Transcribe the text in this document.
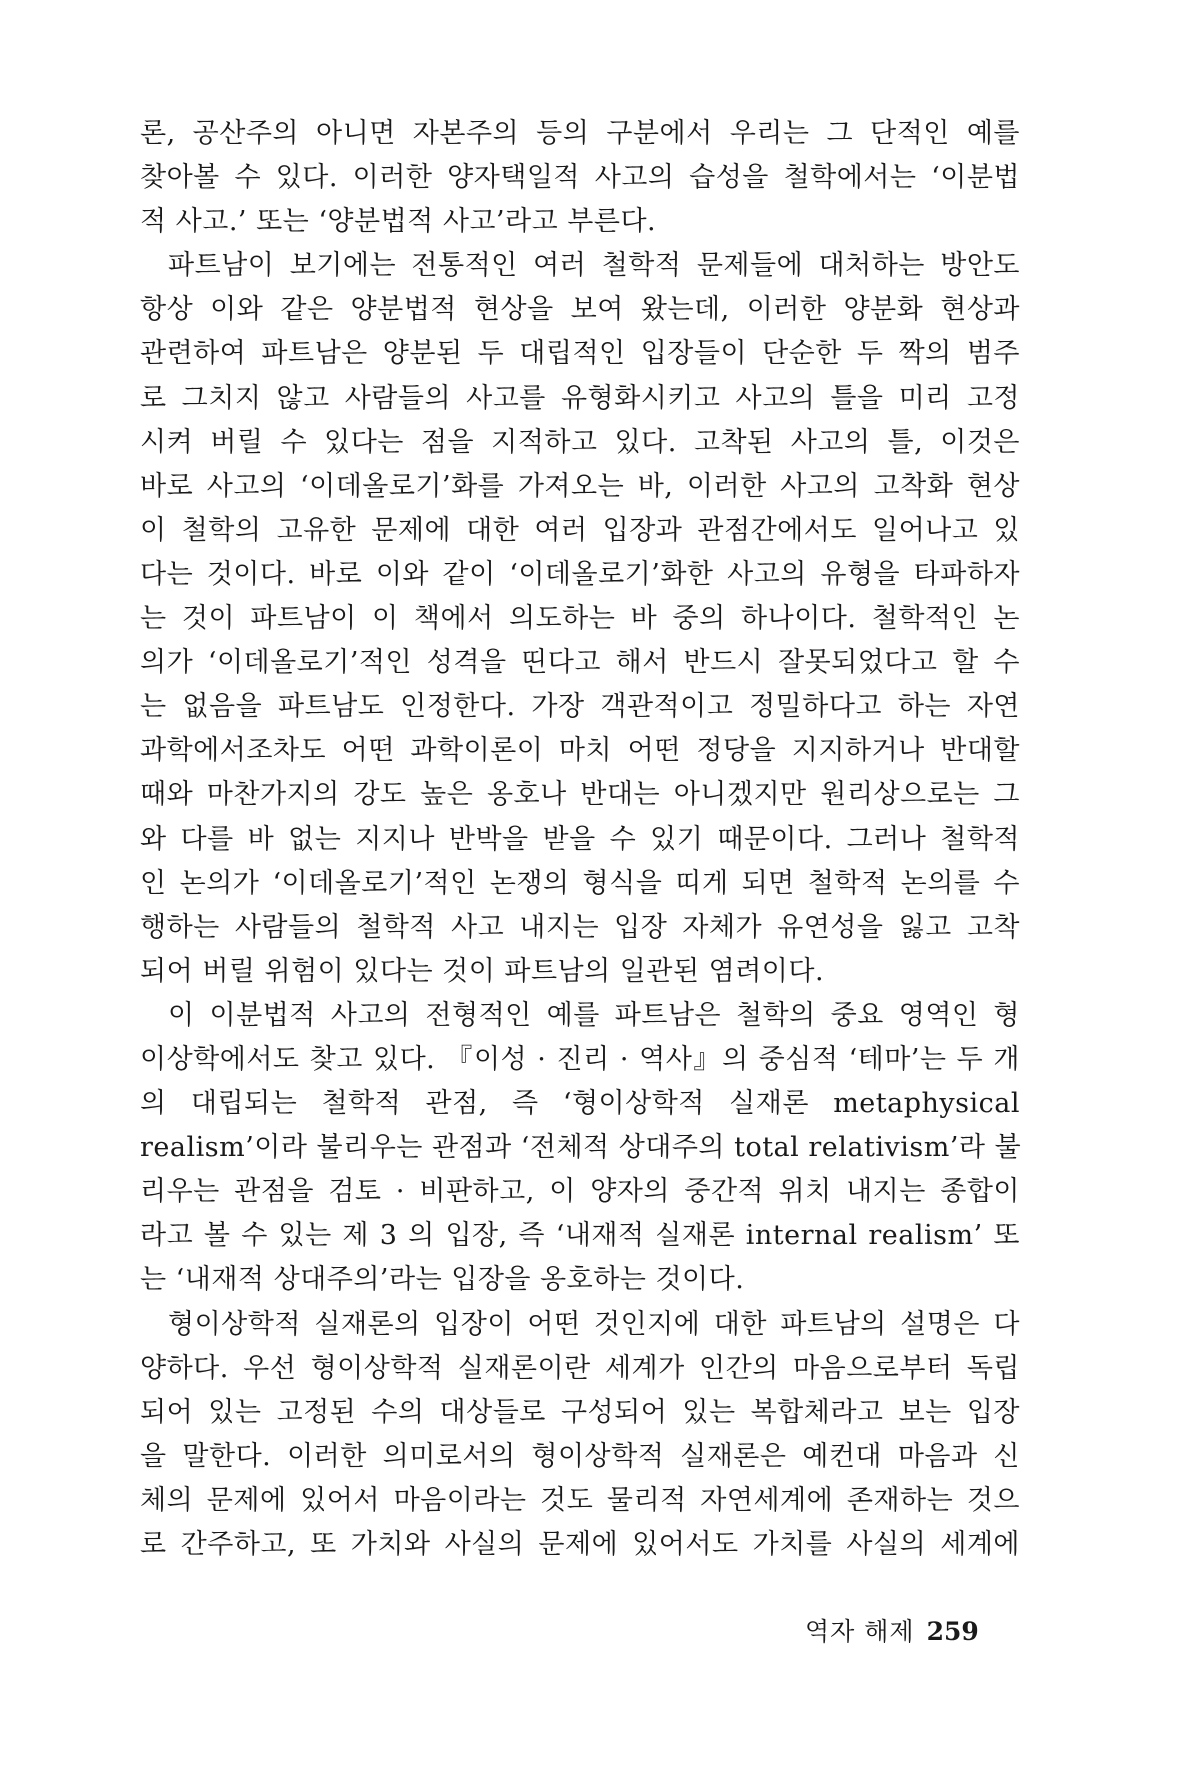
론, 공산주의 아니면 자본주의 등의 구분에서 우리는 그 단적인 예를
찾아볼 수 있다. 이러한 양자택일적 사고의 습성을 철학에서는 ‘이분법
적 사고.’ 또는 ‘양분법적 사고’라고 부른다.
파트남이 보기에는 전통적인 여러 철학적 문제들에 대처하는 방안도
항상 이와 같은 양분법적 현상을 보여 왔는데, 이러한 양분화 현상과
관련하여 파트남은 양분된 두 대립적인 입장들이 단순한 두 짝의 범주
로 그치지 않고 사람들의 사고를 유형화시키고 사고의 틀을 미리 고정
시켜 버릴 수 있다는 점을 지적하고 있다. 고착된 사고의 틀, 이것은
바로 사고의 ‘이데올로기’화를 가져오는 바, 이러한 사고의 고착화 현상
이 철학의 고유한 문제에 대한 여러 입장과 관점간에서도 일어나고 있
다는 것이다. 바로 이와 같이 ‘이데올로기’화한 사고의 유형을 타파하자
는 것이 파트남이 이 책에서 의도하는 바 중의 하나이다. 철학적인 논
의가 ‘이데올로기’적인 성격을 띤다고 해서 반드시 잘못되었다고 할 수
는 없음을 파트남도 인정한다. 가장 객관적이고 정밀하다고 하는 자연
과학에서조차도 어떤 과학이론이 마치 어떤 정당을 지지하거나 반대할
때와 마찬가지의 강도 높은 옹호나 반대는 아니겠지만 원리상으로는 그
와 다를 바 없는 지지나 반박을 받을 수 있기 때문이다. 그러나 철학적
인 논의가 ‘이데올로기’적인 논쟁의 형식을 띠게 되면 철학적 논의를 수
행하는 사람들의 철학적 사고 내지는 입장 자체가 유연성을 잃고 고착
되어 버릴 위험이 있다는 것이 파트남의 일관된 염려이다.
이 이분법적 사고의 전형적인 예를 파트남은 철학의 중요 영역인 형
이상학에서도 찾고 있다. 『이성 · 진리 · 역사』의 중심적 ‘테마’는 두 개
의 대립되는 철학적 관점, 즉 ‘형이상학적 실재론 metaphysical
realism’이라 불리우는 관점과 ‘전체적 상대주의 total relativism’라 불
리우는 관점을 검토 · 비판하고, 이 양자의 중간적 위치 내지는 종합이
라고 볼 수 있는 제 3 의 입장, 즉 ‘내재적 실재론 internal realism’ 또
는 ‘내재적 상대주의’라는 입장을 옹호하는 것이다.
형이상학적 실재론의 입장이 어떤 것인지에 대한 파트남의 설명은 다
양하다. 우선 형이상학적 실재론이란 세계가 인간의 마음으로부터 독립
되어 있는 고정된 수의 대상들로 구성되어 있는 복합체라고 보는 입장
을 말한다. 이러한 의미로서의 형이상학적 실재론은 예컨대 마음과 신
체의 문제에 있어서 마음이라는 것도 물리적 자연세계에 존재하는 것으
로 간주하고, 또 가치와 사실의 문제에 있어서도 가치를 사실의 세계에
역자 해제 259
